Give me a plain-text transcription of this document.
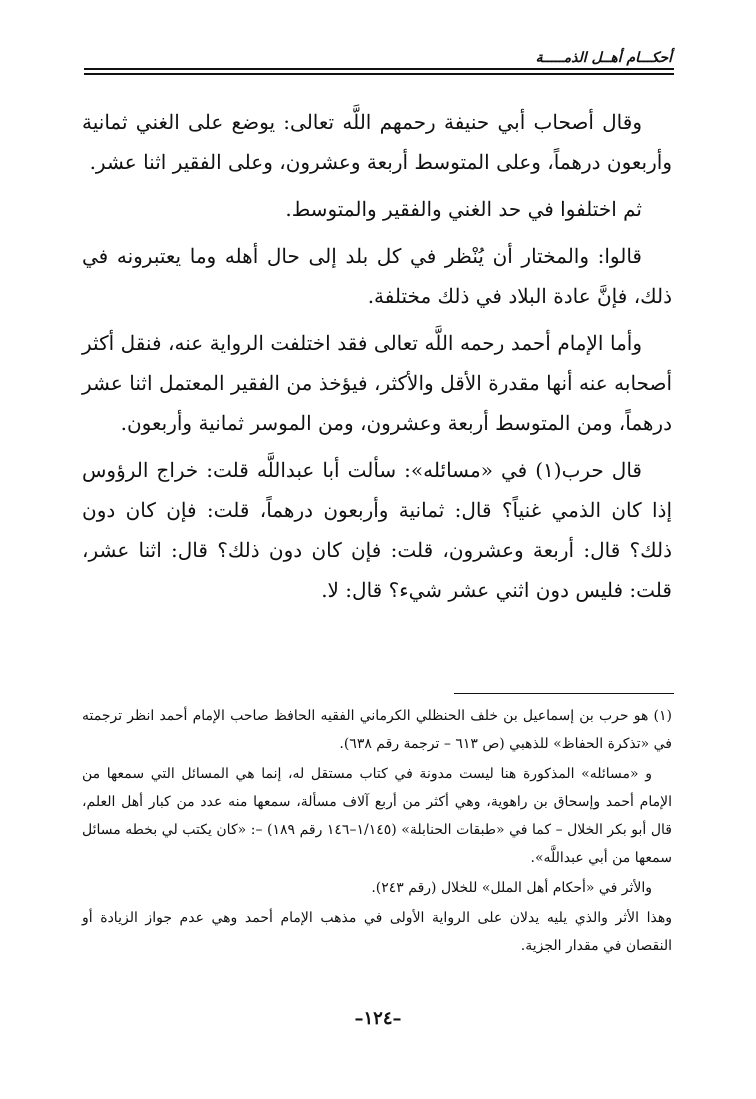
أحكـــام أهــل الذمـــــة

وقال أصحاب أبي حنيفة رحمهم اللَّه تعالى: يوضع على الغني ثمانية وأربعون درهماً، وعلى المتوسط أربعة وعشرون، وعلى الفقير اثنا عشر.

ثم اختلفوا في حد الغني والفقير والمتوسط.

قالوا: والمختار أن يُنْظر في كل بلد إلى حال أهله وما يعتبرونه في ذلك، فإنَّ عادة البلاد في ذلك مختلفة.

وأما الإمام أحمد رحمه اللَّه تعالى فقد اختلفت الرواية عنه، فنقل أكثر أصحابه عنه أنها مقدرة الأقل والأكثر، فيؤخذ من الفقير المعتمل اثنا عشر درهماً، ومن المتوسط أربعة وعشرون، ومن الموسر ثمانية وأربعون.

قال حرب(١) في «مسائله»: سألت أبا عبداللَّه قلت: خراج الرؤوس إذا كان الذمي غنياً؟ قال: ثمانية وأربعون درهماً، قلت: فإن كان دون ذلك؟ قال: أربعة وعشرون، قلت: فإن كان دون ذلك؟ قال: اثنا عشر، قلت: فليس دون اثني عشر شيء؟ قال: لا.

(١) هو حرب بن إسماعيل بن خلف الحنظلي الكرماني الفقيه الحافظ صاحب الإمام أحمد انظر ترجمته في «تذكرة الحفاظ» للذهبي (ص ٦١٣ – ترجمة رقم ٦٣٨).

و «مسائله» المذكورة هنا ليست مدونة في كتاب مستقل له، إنما هي المسائل التي سمعها من الإمام أحمد وإسحاق بن راهوية، وهي أكثر من أربع آلاف مسألة، سمعها منه عدد من كبار أهل العلم، قال أبو بكر الخلال – كما في «طبقات الحنابلة» (١/١٤٥–١٤٦ رقم ١٨٩) –: «كان يكتب لي بخطه مسائل سمعها من أبي عبداللَّه».

والأثر في «أحكام أهل الملل» للخلال (رقم ٢٤٣).

وهذا الأثر والذي يليه يدلان على الرواية الأولى في مذهب الإمام أحمد وهي عدم جواز الزيادة أو النقصان في مقدار الجزية.

–١٢٤–
